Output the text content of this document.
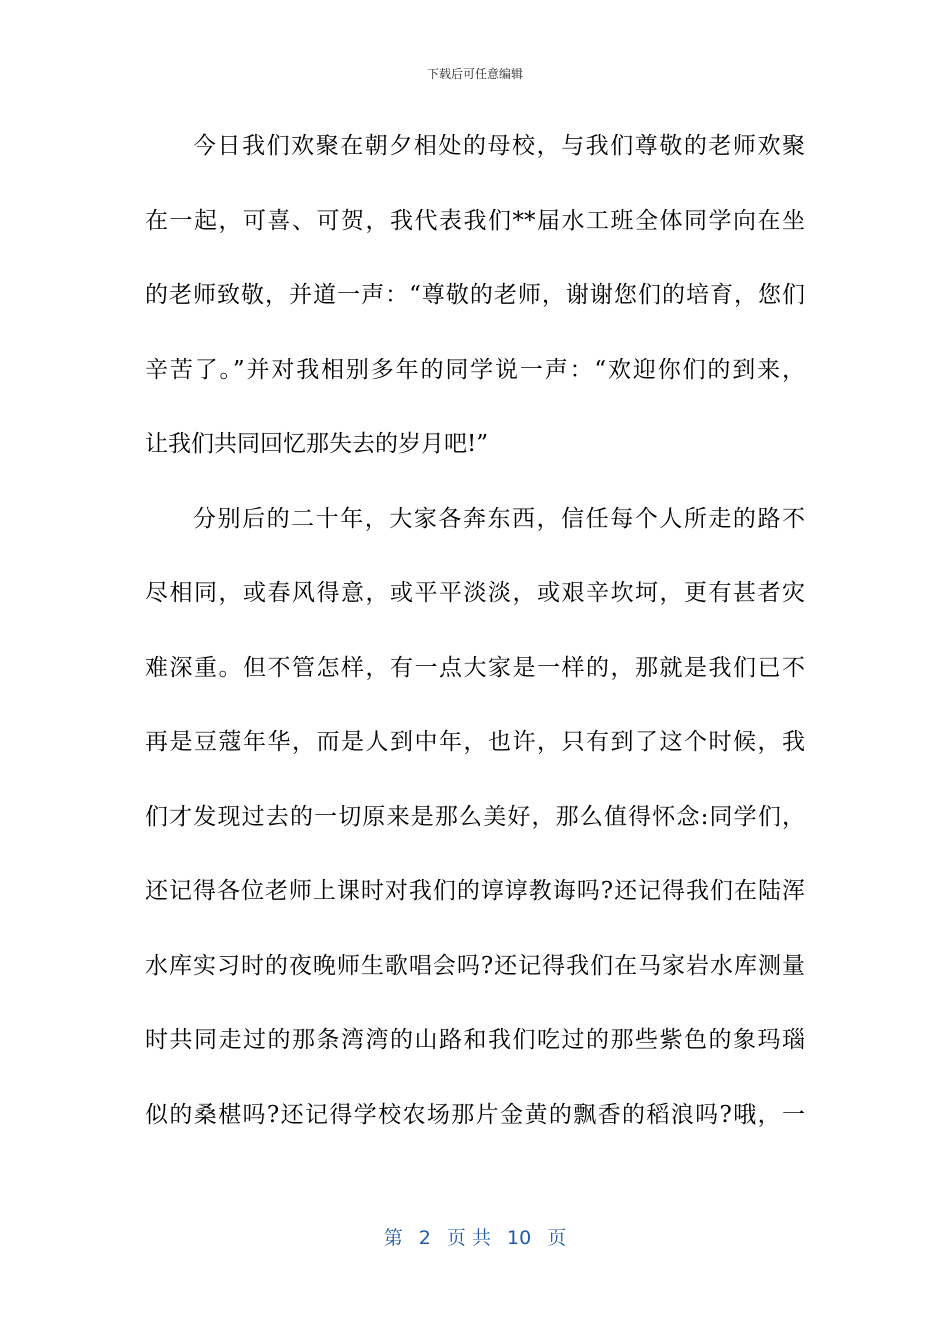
下载后可任意编辑
今日我们欢聚在朝夕相处的母校，与我们尊敬的老师欢聚
在一起，可喜、可贺，我代表我们**届水工班全体同学向在坐
的老师致敬，并道一声：“尊敬的老师，谢谢您们的培育，您们
辛苦了。”并对我相别多年的同学说一声：“欢迎你们的到来，
让我们共同回忆那失去的岁月吧!”
分别后的二十年，大家各奔东西，信任每个人所走的路不
尽相同，或春风得意，或平平淡淡，或艰辛坎坷，更有甚者灾
难深重。但不管怎样，有一点大家是一样的，那就是我们已不
再是豆蔻年华，而是人到中年，也许，只有到了这个时候，我
们才发现过去的一切原来是那么美好，那么值得怀念:同学们，
还记得各位老师上课时对我们的谆谆教诲吗?还记得我们在陆浑
水库实习时的夜晚师生歌唱会吗?还记得我们在马家岩水库测量
时共同走过的那条湾湾的山路和我们吃过的那些紫色的象玛瑙
似的桑椹吗?还记得学校农场那片金黄的飘香的稻浪吗?哦，一
第 2 页 共 10 页
